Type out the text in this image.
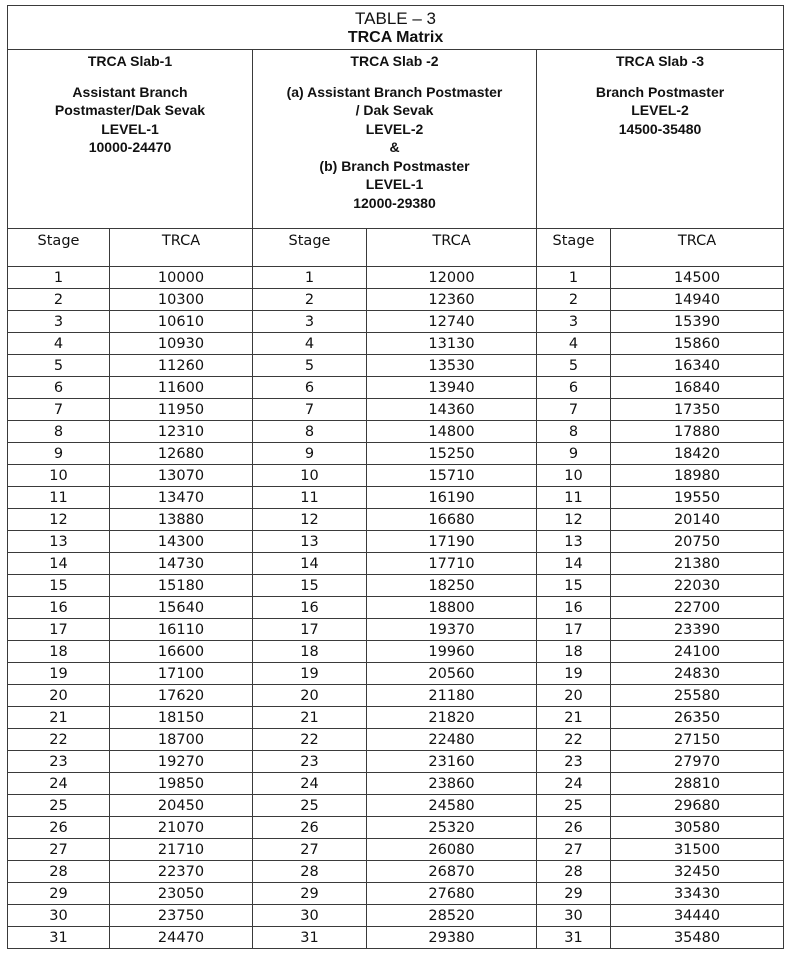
TABLE – 3
TRCA Matrix					

TRCA Slab-1
Assistant Branch
Postmaster/Dak Sevak
LEVEL-1
10000-24470

TRCA Slab -2
(a) Assistant Branch Postmaster
/ Dak Sevak
LEVEL-2
&
(b) Branch Postmaster
LEVEL-1
12000-29380

TRCA Slab -3
Branch Postmaster
LEVEL-2
14500-35480

Stage	TRCA	Stage	TRCA	Stage	TRCA
1	10000	1	12000	1	14500
2	10300	2	12360	2	14940
3	10610	3	12740	3	15390
4	10930	4	13130	4	15860
5	11260	5	13530	5	16340
6	11600	6	13940	6	16840
7	11950	7	14360	7	17350
8	12310	8	14800	8	17880
9	12680	9	15250	9	18420
10	13070	10	15710	10	18980
11	13470	11	16190	11	19550
12	13880	12	16680	12	20140
13	14300	13	17190	13	20750
14	14730	14	17710	14	21380
15	15180	15	18250	15	22030
16	15640	16	18800	16	22700
17	16110	17	19370	17	23390
18	16600	18	19960	18	24100
19	17100	19	20560	19	24830
20	17620	20	21180	20	25580
21	18150	21	21820	21	26350
22	18700	22	22480	22	27150
23	19270	23	23160	23	27970
24	19850	24	23860	24	28810
25	20450	25	24580	25	29680
26	21070	26	25320	26	30580
27	21710	27	26080	27	31500
28	22370	28	26870	28	32450
29	23050	29	27680	29	33430
30	23750	30	28520	30	34440
31	24470	31	29380	31	35480
